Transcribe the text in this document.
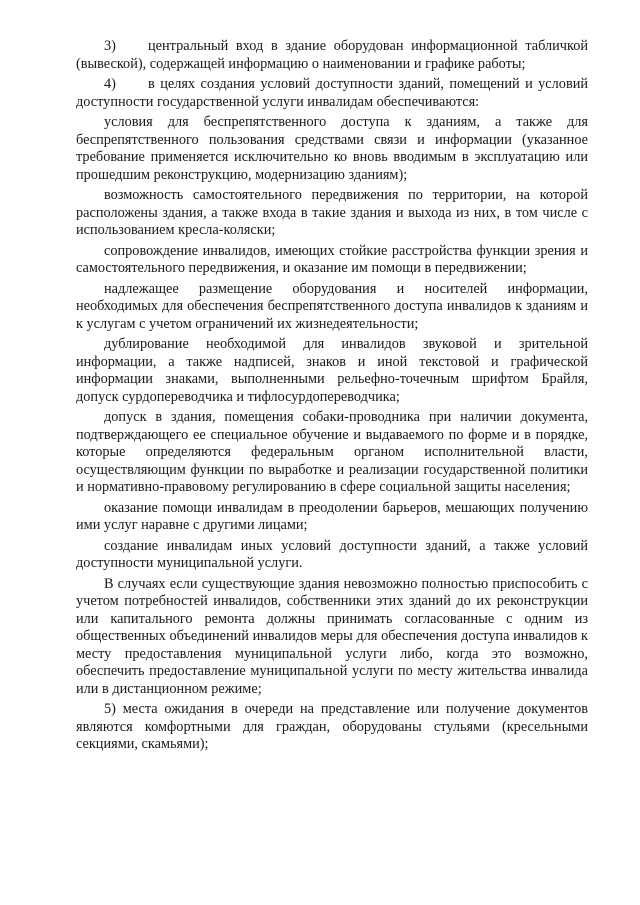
3) центральный вход в здание оборудован информационной табличкой (вывеской), содержащей информацию о наименовании и графике работы;

4) в целях создания условий доступности зданий, помещений и условий доступности государственной услуги инвалидам обеспечиваются:

условия для беспрепятственного доступа к зданиям, а также для беспрепятственного пользования средствами связи и информации (указанное требование применяется исключительно ко вновь вводимым в эксплуатацию или прошедшим реконструкцию, модернизацию зданиям);

возможность самостоятельного передвижения по территории, на которой расположены здания, а также входа в такие здания и выхода из них, в том числе с использованием кресла-коляски;

сопровождение инвалидов, имеющих стойкие расстройства функции зрения и самостоятельного передвижения, и оказание им помощи в передвижении;

надлежащее размещение оборудования и носителей информации, необходимых для обеспечения беспрепятственного доступа инвалидов к зданиям и к услугам с учетом ограничений их жизнедеятельности;

дублирование необходимой для инвалидов звуковой и зрительной информации, а также надписей, знаков и иной текстовой и графической информации знаками, выполненными рельефно-точечным шрифтом Брайля, допуск сурдопереводчика и тифлосурдопереводчика;

допуск в здания, помещения собаки-проводника при наличии документа, подтверждающего ее специальное обучение и выдаваемого по форме и в порядке, которые определяются федеральным органом исполнительной власти, осуществляющим функции по выработке и реализации государственной политики и нормативно-правовому регулированию в сфере социальной защиты населения;

оказание помощи инвалидам в преодолении барьеров, мешающих получению ими услуг наравне с другими лицами;

создание инвалидам иных условий доступности зданий, а также условий доступности муниципальной услуги.

В случаях если существующие здания невозможно полностью приспособить с учетом потребностей инвалидов, собственники этих зданий до их реконструкции или капитального ремонта должны принимать согласованные с одним из общественных объединений инвалидов меры для обеспечения доступа инвалидов к месту предоставления муниципальной услуги либо, когда это возможно, обеспечить предоставление муниципальной услуги по месту жительства инвалида или в дистанционном режиме;

5) места ожидания в очереди на представление или получение документов являются комфортными для граждан, оборудованы стульями (кресельными секциями, скамьями);
